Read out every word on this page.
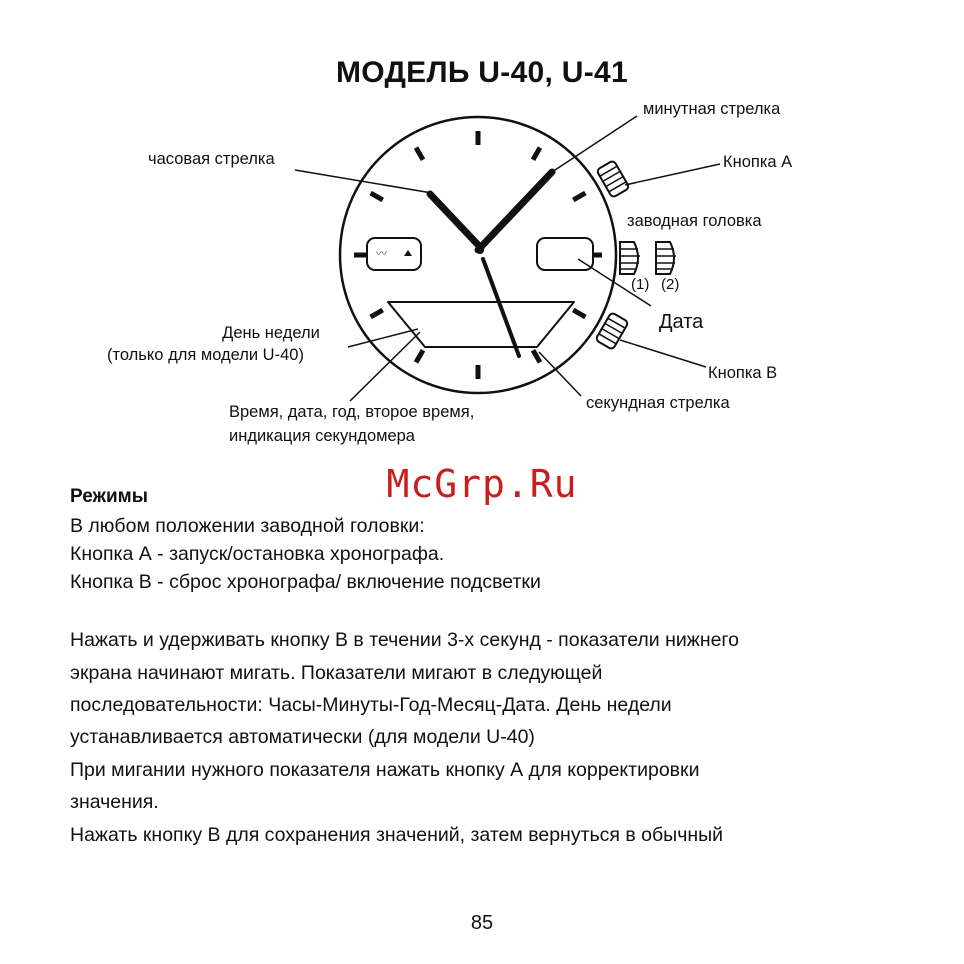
МОДЕЛЬ U-40, U-41
〰
минутная стрелка
часовая стрелка	Кнопка А
заводная головка
(1) (2)
Дата
День недели
(только для модели U-40)
Кнопка В
секундная стрелка
Время, дата, год, второе время,
индикация секундомера
McGrp.Ru
Режимы
В любом положении заводной головки:
Кнопка А - запуск/остановка хронографа.
Кнопка В - сброс хронографа/ включение подсветки
Нажать и удерживать кнопку В в течении 3-х секунд - показатели нижнего
экрана начинают мигать. Показатели мигают в следующей
последовательности: Часы-Минуты-Год-Месяц-Дата. День недели
устанавливается автоматически (для модели U-40)
При мигании нужного показателя нажать кнопку А для корректировки
значения.
Нажать кнопку В для сохранения значений, затем вернуться в обычный
85
